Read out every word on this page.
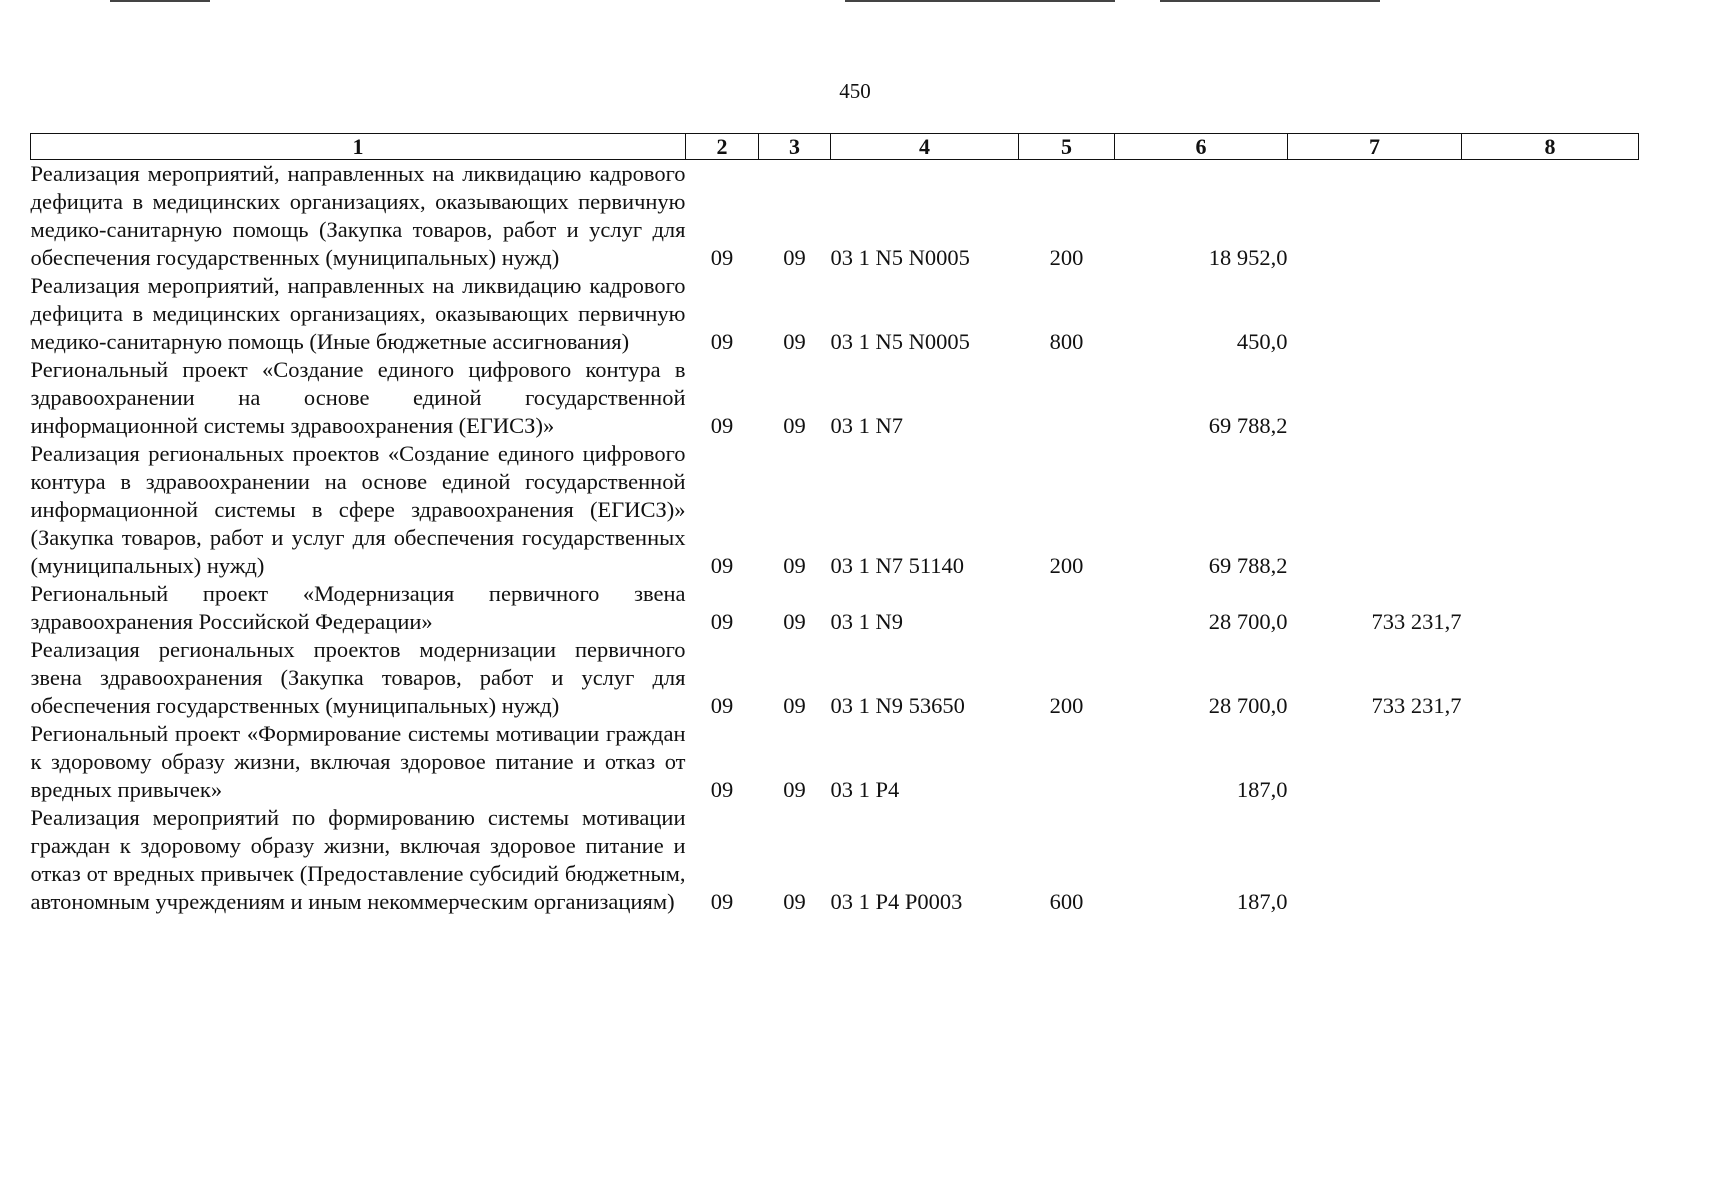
450
1	2	3	4	5	6	7	8
Реализация мероприятий, направленных на ликвидацию кадрового дефицита в медицинских организациях, оказывающих первичную медико-санитарную помощь (Закупка товаров, работ и услуг для обеспечения государственных (муниципальных) нужд)	09	09	03 1 N5 N0005	200	18 952,0		
Реализация мероприятий, направленных на ликвидацию кадрового дефицита в медицинских организациях, оказывающих первичную медико-санитарную помощь (Иные бюджетные ассигнования)	09	09	03 1 N5 N0005	800	450,0		
Региональный проект «Создание единого цифрового контура в здравоохранении на основе единой государственной информационной системы здравоохранения (ЕГИСЗ)»	09	09	03 1 N7		69 788,2		
Реализация региональных проектов «Создание единого цифрового контура в здравоохранении на основе единой государственной информационной системы в сфере здравоохранения (ЕГИСЗ)» (Закупка товаров, работ и услуг для обеспечения государственных (муниципальных) нужд)	09	09	03 1 N7 51140	200	69 788,2		
Региональный проект «Модернизация первичного звена здравоохранения Российской Федерации»	09	09	03 1 N9		28 700,0	733 231,7	
Реализация региональных проектов модернизации первичного звена здравоохранения (Закупка товаров, работ и услуг для обеспечения государственных (муниципальных) нужд)	09	09	03 1 N9 53650	200	28 700,0	733 231,7	
Региональный проект «Формирование системы мотивации граждан к здоровому образу жизни, включая здоровое питание и отказ от вредных привычек»	09	09	03 1 P4		187,0		
Реализация мероприятий по формированию системы мотивации граждан к здоровому образу жизни, включая здоровое питание и отказ от вредных привычек (Предоставление субсидий бюджетным, автономным учреждениям и иным некоммерческим организациям)	09	09	03 1 P4 P0003	600	187,0		
